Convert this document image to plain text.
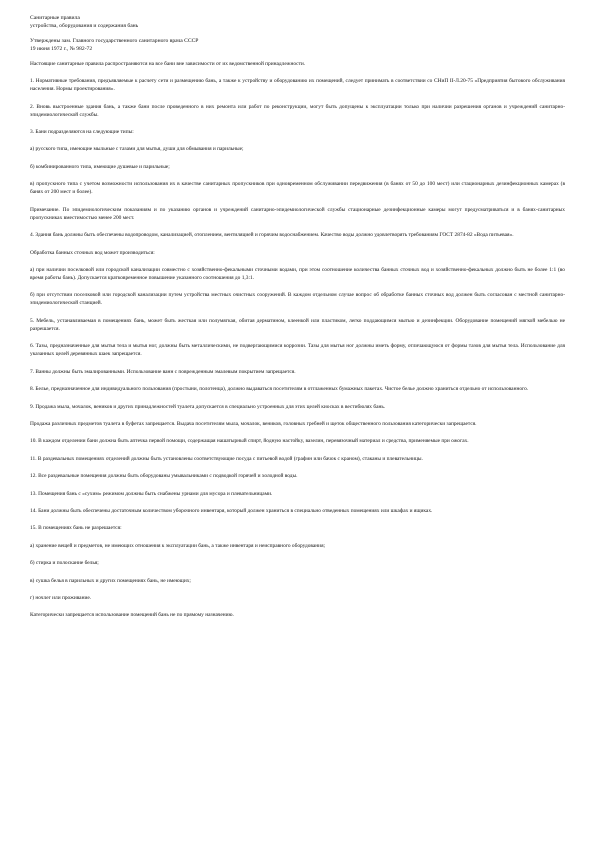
Санитарные правила
устройства, оборудования и содержания бань
Утверждены зам. Главного государственного санитарного врача СССР
19 июня 1972 г., № 982-72

Настоящие санитарные правила распространяются на все бани вне зависимости от их ведомственной принадлежности.

1. Нормативные требования, предъявляемые к расчету сети и размещению бань, а также к устройству и оборудованию их помещений, следует принимать в соответствии со СНиП II-Л.20-75 «Предприятия бытового обслуживания населения. Нормы проектирования».

2. Вновь выстроенные здания бань, а также бани после проведенного в них ремонта или работ по реконструкции, могут быть допущены к эксплуатации только при наличии разрешения органов и учреждений санитарно-эпидемиологической службы.

3. Бани подразделяются на следующие типы:

а) русского типа, имеющие мыльные с тазами для мытья, души для обмывания и парильные;

б) комбинированного типа, имеющие душевые и парильные;

в) пропускного типа с учетом возможности использования их в качестве санитарных пропускников при одновременном обслуживании передвижения (в банях от 50 до 100 мест) или стационарных дезинфекционных камерах (в банях от 200 мест и более).

Примечание. По эпидемиологическим показаниям и по указанию органов и учреждений санитарно-эпидемиологической службы стационарные дезинфекционные камеры могут предусматриваться и в банях-санитарных пропускниках вместимостью менее 200 мест.

4. Здания бань должны быть обеспечены водопроводом, канализацией, отоплением, вентиляцией и горячим водоснабжением. Качество воды должно удовлетворять требованиям ГОСТ 2874-82 «Вода питьевая».

Обработка банных сточных вод может производиться:

а) при наличии поселковой или городской канализации совместно с хозяйственно-фекальными сточными водами, при этом соотношение количества банных сточных вод и хозяйственно-фекальных должно быть не более 1:1 (во время работы бань). Допускается кратковременное повышение указанного соотношения до 1,3:1.

б) при отсутствии поселковой или городской канализации путем устройства местных очистных сооружений. В каждом отдельном случае вопрос об обработке банных сточных вод должен быть согласован с местной санитарно-эпидемиологической станцией.

5. Мебель, устанавливаемая в помещениях бань, может быть жесткая или полумягкая, обитая дерматином, клеенкой или пластиком, легко поддающимся мытью и дезинфекции. Оборудование помещений мягкой мебелью не разрешается.

6. Тазы, предназначенные для мытья тела и мытья ног, должны быть металлическими, не подвергающимися коррозии. Тазы для мытья ног должны иметь форму, отличающуюся от формы тазов для мытья тела. Использование для указанных целей деревянных шаек запрещается.

7. Ванны должны быть эмалированными. Использование ванн с поврежденным эмалевым покрытием запрещается.

8. Белье, предназначенное для индивидуального пользования (простыни, полотенца), должно выдаваться посетителям в отглаженных бумажных пакетах. Чистое белье должно храниться отдельно от использованного.

9. Продажа мыла, мочалок, веников и других принадлежностей туалета допускается в специально устроенных для этих целей киосках в вестибюлях бань.

Продажа различных предметов туалета в буфетах запрещается. Выдача посетителям мыла, мочалок, веников, головных гребней и щеток общественного пользования категорически запрещается.

10. В каждом отделении бани должна быть аптечка первой помощи, содержащая нашатырный спирт, йодную настойку, вазелин, перевязочный материал и средства, применяемые при ожогах.

11. В раздевальных помещениях отделений должны быть установлены соответствующие посуда с питьевой водой (графин или бачок с краном), стаканы и плевательницы.

12. Все раздевальные помещения должны быть оборудованы умывальниками с подводкой горячей и холодной воды.

13. Помещения бань с «сухим» режимом должны быть снабжены урнами для мусора и плевательницами.

14. Бани должны быть обеспечены достаточным количеством уборочного инвентаря, который должен храниться в специально отведенных помещениях или шкафах и ящиках.

15. В помещениях бань не разрешается:

а) хранение вещей и предметов, не имеющих отношения к эксплуатации бань, а также инвентаря и неисправного оборудования;

б) стирка и полоскание белья;

в) сушка белья в парильных и других помещениях бань, не имеющих;

г) ночлег или проживание.

Категорически запрещается использование помещений бань не по прямому назначению.
